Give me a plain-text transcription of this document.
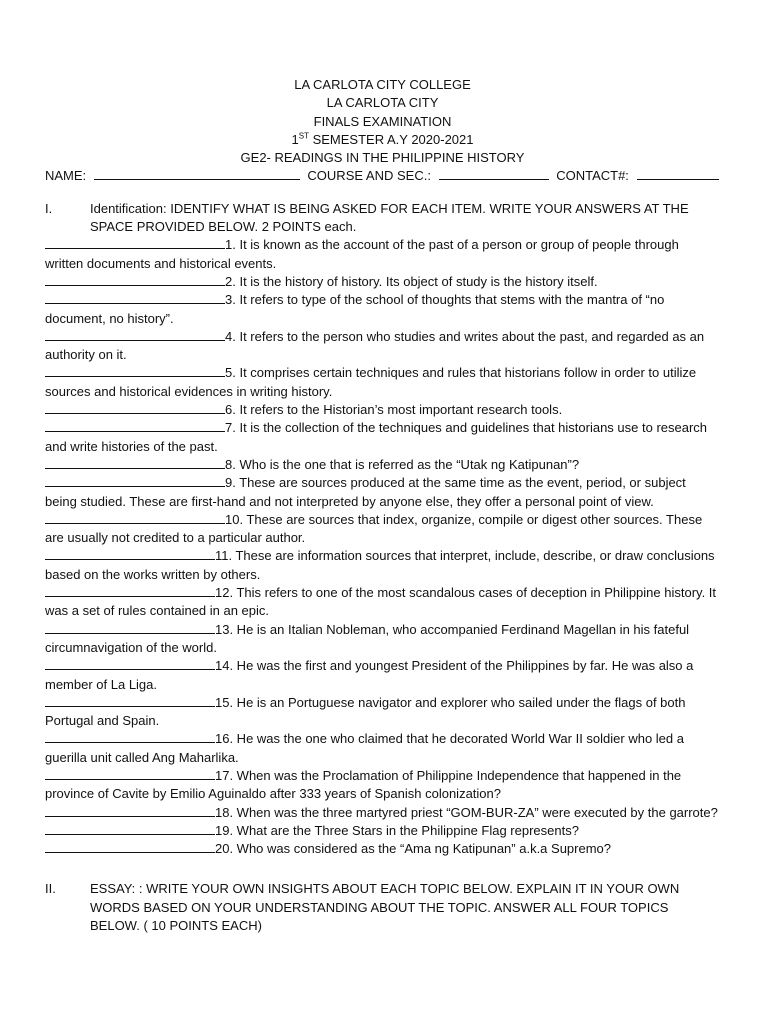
LA CARLOTA CITY COLLEGE
LA CARLOTA CITY
FINALS EXAMINATION
1ST SEMESTER A.Y 2020-2021
GE2- READINGS IN THE PHILIPPINE HISTORY
NAME:	COURSE AND SEC.:	CONTACT#:
I.	Identification: IDENTIFY WHAT IS BEING ASKED FOR EACH ITEM. WRITE YOUR ANSWERS AT THE SPACE PROVIDED BELOW. 2 POINTS each.
1. It is known as the account of the past of a person or group of people through written documents and historical events.
2. It is the history of history. Its object of study is the history itself.
3. It refers to type of the school of thoughts that stems with the mantra of “no document, no history”.
4. It refers to the person who studies and writes about the past, and regarded as an authority on it.
5. It comprises certain techniques and rules that historians follow in order to utilize sources and historical evidences in writing history.
6. It refers to the Historian’s most important research tools.
7. It is the collection of the techniques and guidelines that historians use to research and write histories of the past.
8. Who is the one that is referred as the “Utak ng Katipunan”?
9. These are sources produced at the same time as the event, period, or subject being studied. These are first-hand and not interpreted by anyone else, they offer a personal point of view.
10. These are sources that index, organize, compile or digest other sources. These are usually not credited to a particular author.
11. These are information sources that interpret, include, describe, or draw conclusions based on the works written by others.
12. This refers to one of the most scandalous cases of deception in Philippine history. It was a set of rules contained in an epic.
13. He is an Italian Nobleman, who accompanied Ferdinand Magellan in his fateful circumnavigation of the world.
14. He was the first and youngest President of the Philippines by far. He was also a member of La Liga.
15. He is an Portuguese navigator and explorer who sailed under the flags of both Portugal and Spain.
16. He was the one who claimed that he decorated World War II soldier who led a guerilla unit called Ang Maharlika.
17. When was the Proclamation of Philippine Independence that happened in the province of Cavite by Emilio Aguinaldo after 333 years of Spanish colonization?
18. When was the three martyred priest “GOM-BUR-ZA” were executed by the garrote?
19. What are the Three Stars in the Philippine Flag represents?
20. Who was considered as the “Ama ng Katipunan” a.k.a Supremo?
II.	ESSAY: : WRITE YOUR OWN INSIGHTS ABOUT EACH TOPIC BELOW. EXPLAIN IT IN YOUR OWN WORDS BASED ON YOUR UNDERSTANDING ABOUT THE TOPIC. ANSWER ALL FOUR TOPICS BELOW. ( 10 POINTS EACH)
